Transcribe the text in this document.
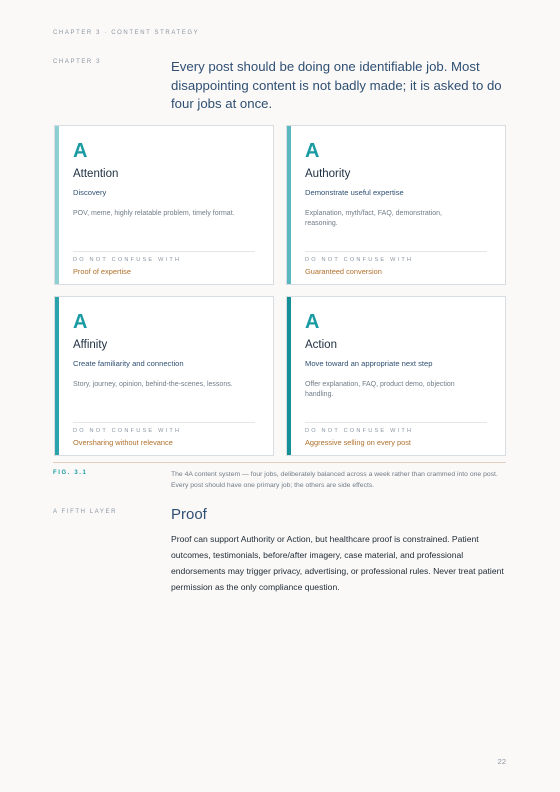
CHAPTER 3 · CONTENT STRATEGY
CHAPTER 3	Every post should be doing one identifiable job. Most disappointing content is not badly made; it is asked to do four jobs at once.
A
Attention
Discovery
POV, meme, highly relatable problem, timely format.
DO NOT CONFUSE WITH
Proof of expertise
A
Authority
Demonstrate useful expertise
Explanation, myth/fact, FAQ, demonstration, reasoning.
DO NOT CONFUSE WITH
Guaranteed conversion
A
Affinity
Create familiarity and connection
Story, journey, opinion, behind-the-scenes, lessons.
DO NOT CONFUSE WITH
Oversharing without relevance
A
Action
Move toward an appropriate next step
Offer explanation, FAQ, product demo, objection handling.
DO NOT CONFUSE WITH
Aggressive selling on every post
FIG. 3.1	The 4A content system — four jobs, deliberately balanced across a week rather than crammed into one post. Every post should have one primary job; the others are side effects.
A FIFTH LAYER	Proof
Proof can support Authority or Action, but healthcare proof is constrained. Patient outcomes, testimonials, before/after imagery, case material, and professional endorsements may trigger privacy, advertising, or professional rules. Never treat patient permission as the only compliance question.
22
